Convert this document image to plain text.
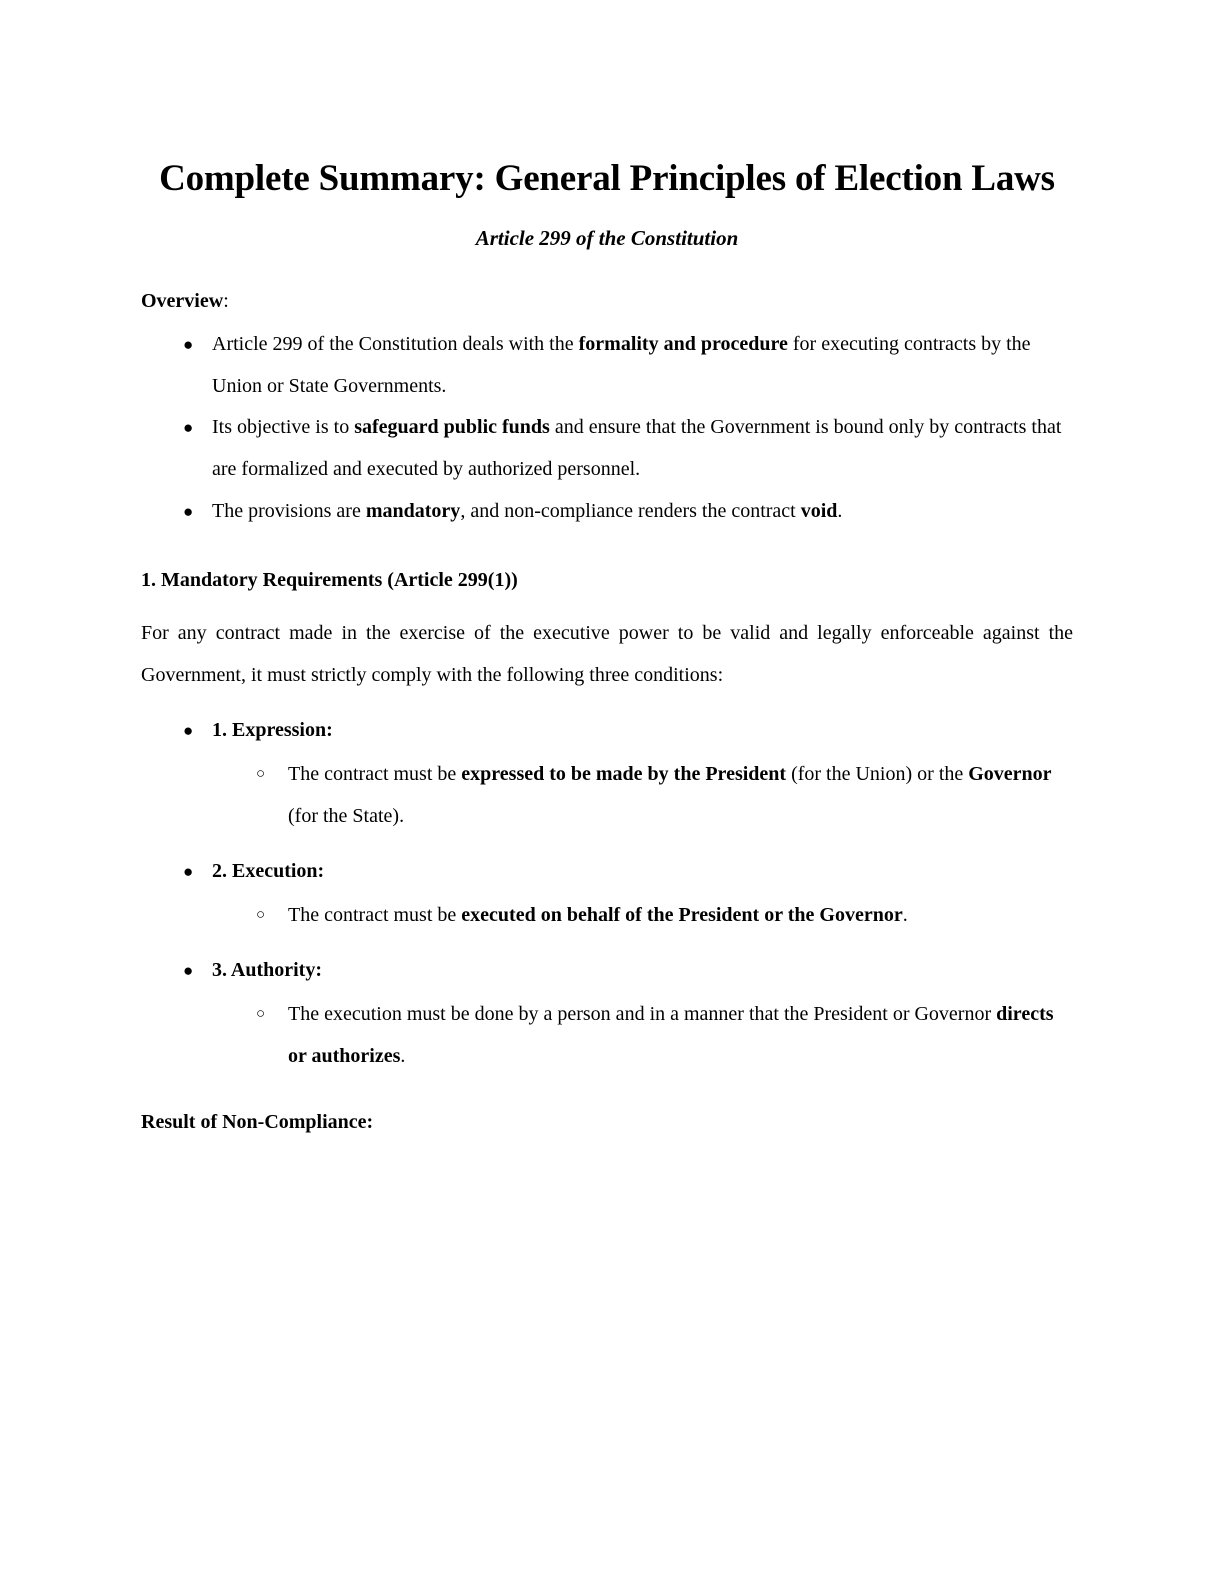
Complete Summary: General Principles of Election Laws
Article 299 of the Constitution
Overview:
● Article 299 of the Constitution deals with the formality and procedure for executing contracts by the Union or State Governments.
● Its objective is to safeguard public funds and ensure that the Government is bound only by contracts that are formalized and executed by authorized personnel.
● The provisions are mandatory, and non-compliance renders the contract void.
1. Mandatory Requirements (Article 299(1))

For any contract made in the exercise of the executive power to be valid and legally enforceable against the Government, it must strictly comply with the following three conditions:

● 1. Expression:
○ The contract must be expressed to be made by the President (for the Union) or the Governor (for the State).
● 2. Execution:
○ The contract must be executed on behalf of the President or the Governor.
● 3. Authority:
○ The execution must be done by a person and in a manner that the President or Governor directs or authorizes.
Result of Non-Compliance:
